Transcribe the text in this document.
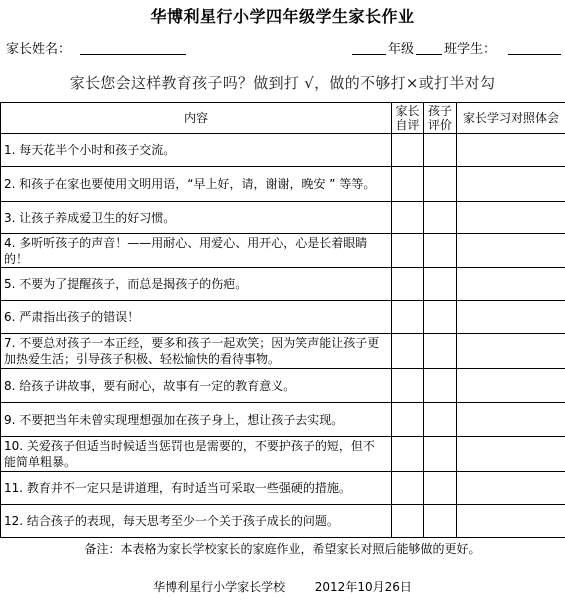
华博利星行小学四年级学生家长作业
家长姓名：	年级 班学生：
家长您会这样教育孩子吗？做到打 √，做的不够打×或打半对勾
内容	家长自评	孩子评价	家长学习对照体会
1. 每天花半个小时和孩子交流。			
2. 和孩子在家也要使用文明用语，“早上好，请，谢谢，晚安 ” 等等。			
3. 让孩子养成爱卫生的好习惯。			
4. 多听听孩子的声音！——用耐心、用爱心、用开心，心是长着眼睛的！			
5. 不要为了提醒孩子，而总是揭孩子的伤疤。			
6. 严肃指出孩子的错误！			
7. 不要总对孩子一本正经，要多和孩子一起欢笑；因为笑声能让孩子更加热爱生活；引导孩子积极、轻松愉快的看待事物。			
8. 给孩子讲故事，要有耐心，故事有一定的教育意义。			
9. 不要把当年未曾实现理想强加在孩子身上，想让孩子去实现。			
10. 关爱孩子但适当时候适当惩罚也是需要的，不要护孩子的短，但不能简单粗暴。			
11. 教育并不一定只是讲道理，有时适当可采取一些强硬的措施。			
12. 结合孩子的表现，每天思考至少一个关于孩子成长的问题。			
备注：本表格为家长学校家长的家庭作业，希望家长对照后能够做的更好。
华博利星行小学家长学校 2012年10月26日
